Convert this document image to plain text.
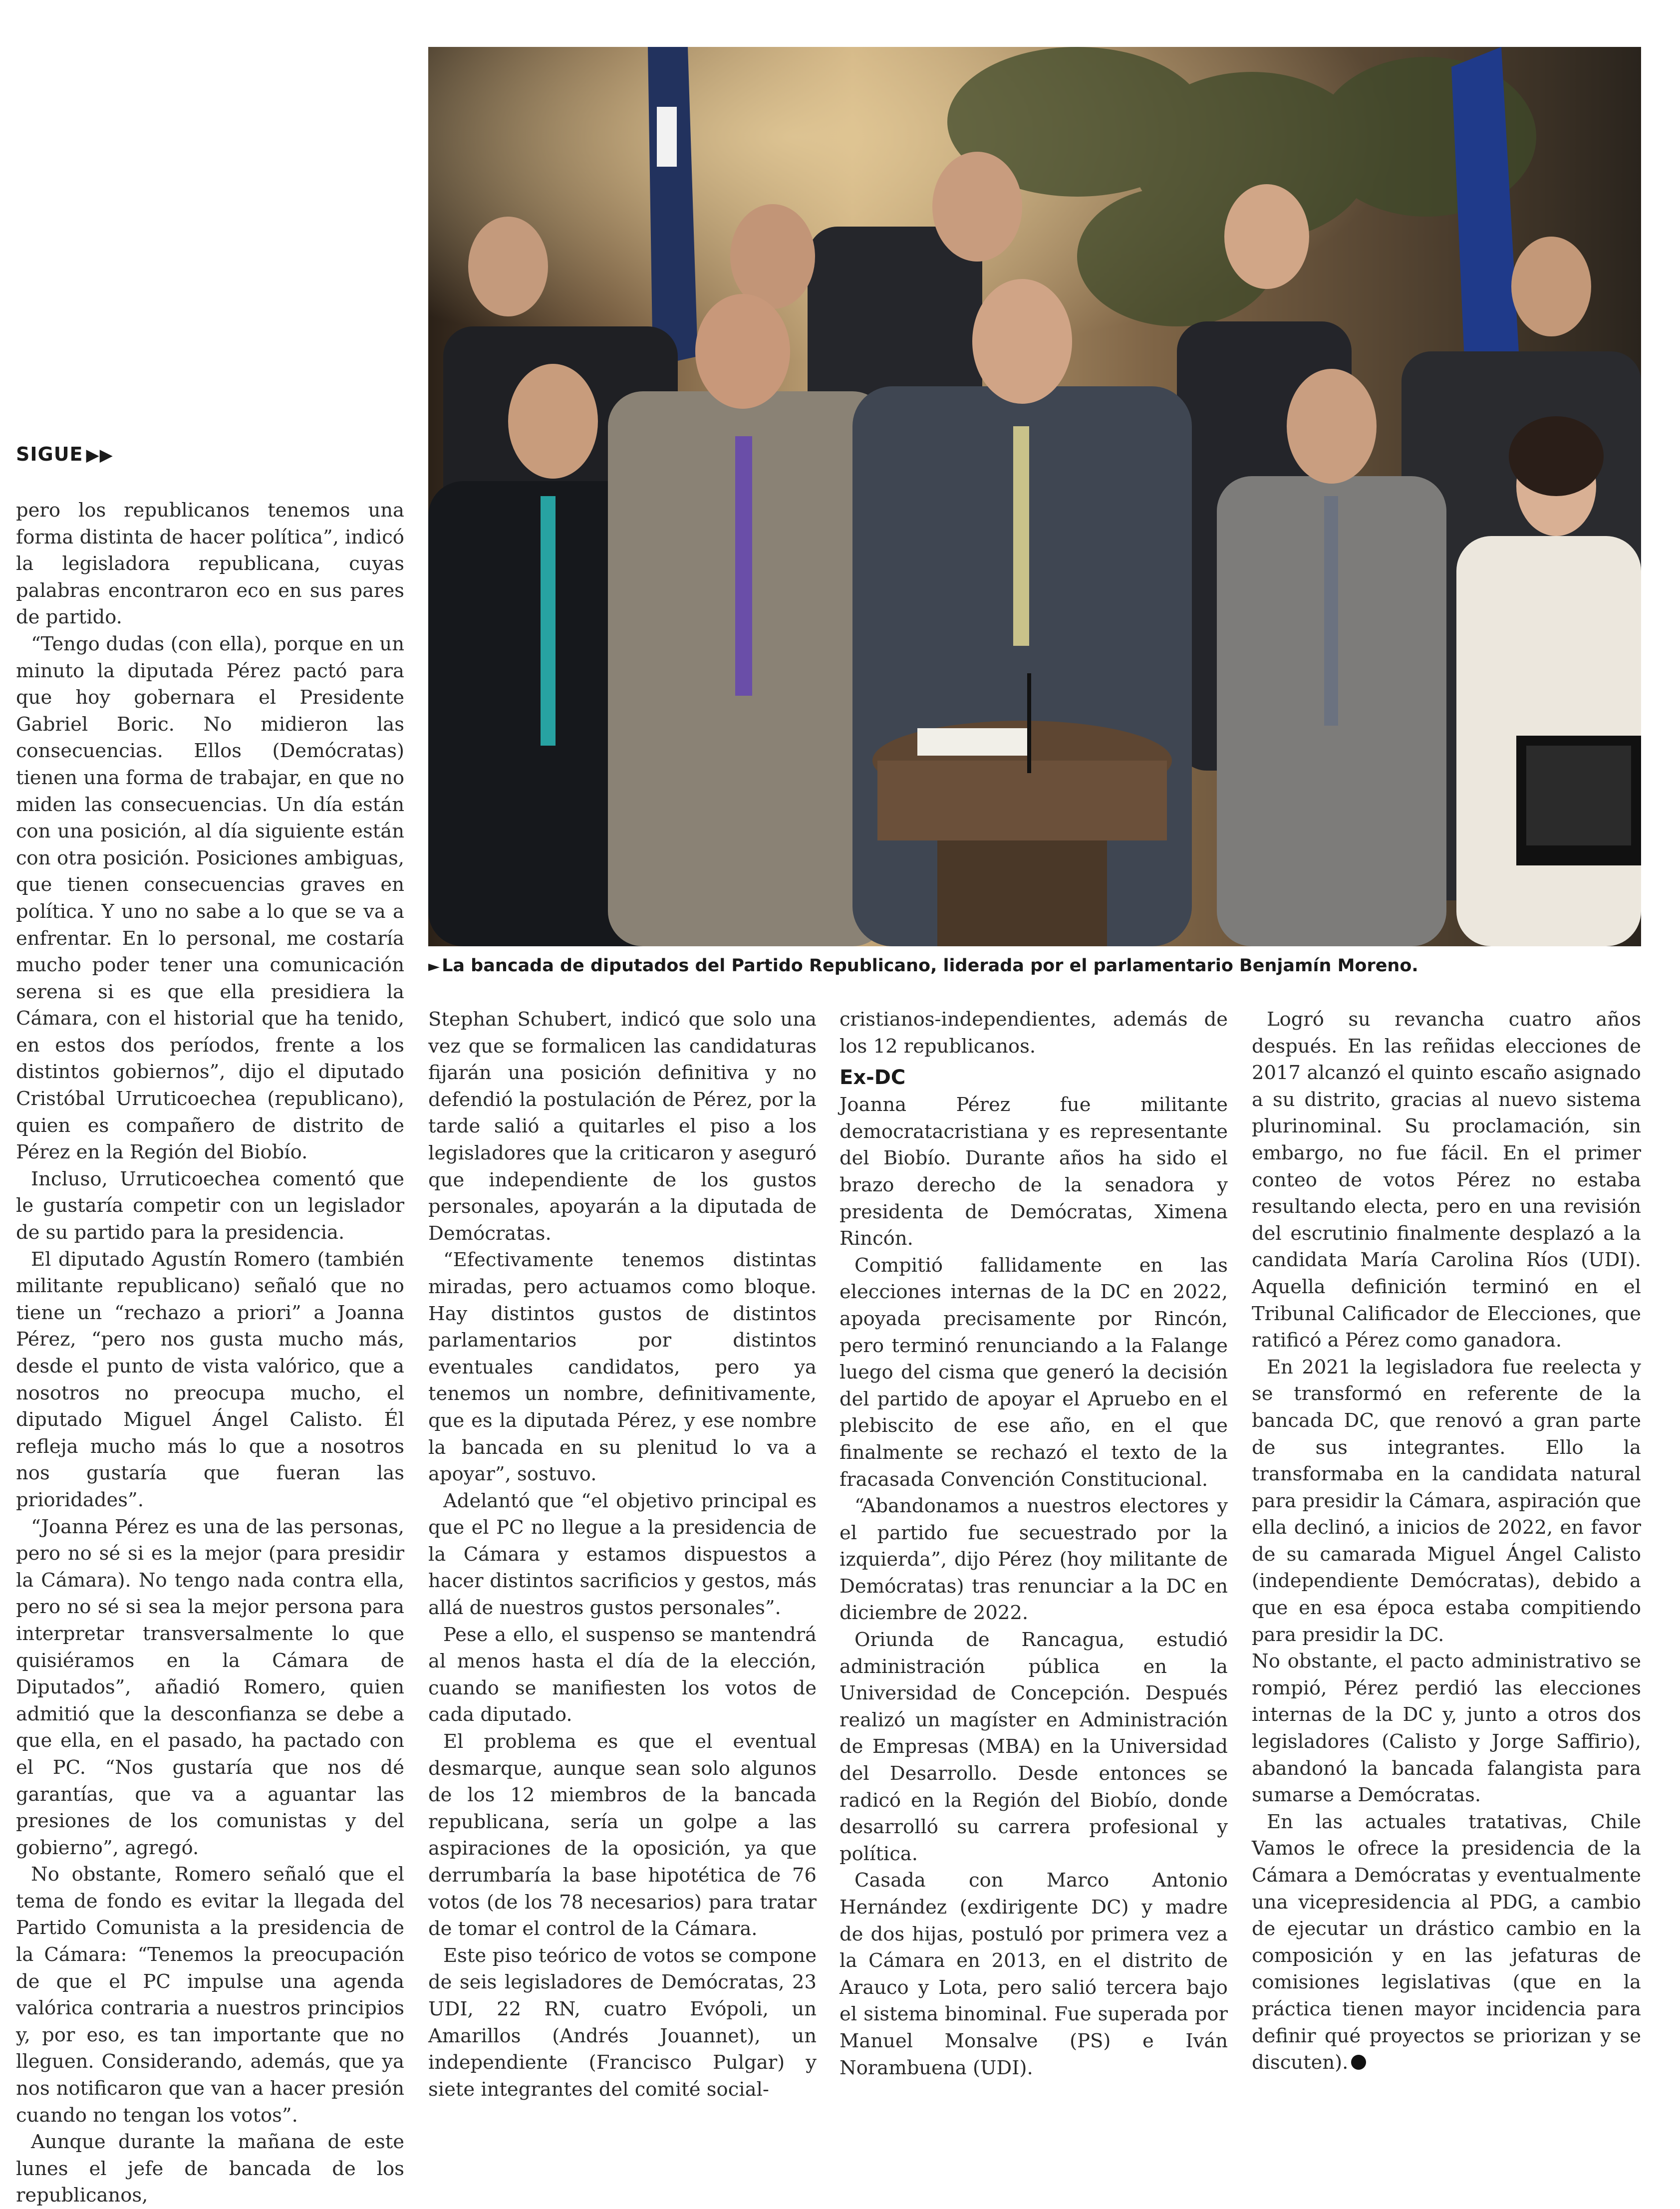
SIGUE ▶▶

pero los republicanos tenemos una forma distinta de hacer política”, indicó la legisladora republicana, cuyas palabras encontraron eco en sus pares de partido.

“Tengo dudas (con ella), porque en un minuto la diputada Pérez pactó para que hoy gobernara el Presidente Gabriel Boric. No midieron las consecuencias. Ellos (Demócratas) tienen una forma de trabajar, en que no miden las consecuencias. Un día están con una posición, al día siguiente están con otra posición. Posiciones ambiguas, que tienen consecuencias graves en política. Y uno no sabe a lo que se va a enfrentar. En lo personal, me costaría mucho poder tener una comunicación serena si es que ella presidiera la Cámara, con el historial que ha tenido, en estos dos períodos, frente a los distintos gobiernos”, dijo el diputado Cristóbal Urruticoechea (republicano), quien es compañero de distrito de Pérez en la Región del Biobío.

Incluso, Urruticoechea comentó que le gustaría competir con un legislador de su partido para la presidencia.

El diputado Agustín Romero (también militante republicano) señaló que no tiene un “rechazo a priori” a Joanna Pérez, “pero nos gusta mucho más, desde el punto de vista valórico, que a nosotros no preocupa mucho, el diputado Miguel Ángel Calisto. Él refleja mucho más lo que a nosotros nos gustaría que fueran las prioridades”.

“Joanna Pérez es una de las personas, pero no sé si es la mejor (para presidir la Cámara). No tengo nada contra ella, pero no sé si sea la mejor persona para interpretar transversalmente lo que quisiéramos en la Cámara de Diputados”, añadió Romero, quien admitió que la desconfianza se debe a que ella, en el pasado, ha pactado con el PC. “Nos gustaría que nos dé garantías, que va a aguantar las presiones de los comunistas y del gobierno”, agregó.

No obstante, Romero señaló que el tema de fondo es evitar la llegada del Partido Comunista a la presidencia de la Cámara: “Tenemos la preocupación de que el PC impulse una agenda valórica contraria a nuestros principios y, por eso, es tan importante que no lleguen. Considerando, además, que ya nos notificaron que van a hacer presión cuando no tengan los votos”.

Aunque durante la mañana de este lunes el jefe de bancada de los republicanos,

► La bancada de diputados del Partido Republicano, liderada por el parlamentario Benjamín Moreno.

Stephan Schubert, indicó que solo una vez que se formalicen las candidaturas fijarán una posición definitiva y no defendió la postulación de Pérez, por la tarde salió a quitarles el piso a los legisladores que la criticaron y aseguró que independiente de los gustos personales, apoyarán a la diputada de Demócratas.

“Efectivamente tenemos distintas miradas, pero actuamos como bloque. Hay distintos gustos de distintos parlamentarios por distintos eventuales candidatos, pero ya tenemos un nombre, definitivamente, que es la diputada Pérez, y ese nombre la bancada en su plenitud lo va a apoyar”, sostuvo.

Adelantó que “el objetivo principal es que el PC no llegue a la presidencia de la Cámara y estamos dispuestos a hacer distintos sacrificios y gestos, más allá de nuestros gustos personales”.

Pese a ello, el suspenso se mantendrá al menos hasta el día de la elección, cuando se manifiesten los votos de cada diputado.

El problema es que el eventual desmarque, aunque sean solo algunos de los 12 miembros de la bancada republicana, sería un golpe a las aspiraciones de la oposición, ya que derrumbaría la base hipotética de 76 votos (de los 78 necesarios) para tratar de tomar el control de la Cámara.

Este piso teórico de votos se compone de seis legisladores de Demócratas, 23 UDI, 22 RN, cuatro Evópoli, un Amarillos (Andrés Jouannet), un independiente (Francisco Pulgar) y siete integrantes del comité social-

cristianos-independientes, además de los 12 republicanos.

Ex-DC

Joanna Pérez fue militante democratacristiana y es representante del Biobío. Durante años ha sido el brazo derecho de la senadora y presidenta de Demócratas, Ximena Rincón.

Compitió fallidamente en las elecciones internas de la DC en 2022, apoyada precisamente por Rincón, pero terminó renunciando a la Falange luego del cisma que generó la decisión del partido de apoyar el Apruebo en el plebiscito de ese año, en el que finalmente se rechazó el texto de la fracasada Convención Constitucional.

“Abandonamos a nuestros electores y el partido fue secuestrado por la izquierda”, dijo Pérez (hoy militante de Demócratas) tras renunciar a la DC en diciembre de 2022.

Oriunda de Rancagua, estudió administración pública en la Universidad de Concepción. Después realizó un magíster en Administración de Empresas (MBA) en la Universidad del Desarrollo. Desde entonces se radicó en la Región del Biobío, donde desarrolló su carrera profesional y política.

Casada con Marco Antonio Hernández (exdirigente DC) y madre de dos hijas, postuló por primera vez a la Cámara en 2013, en el distrito de Arauco y Lota, pero salió tercera bajo el sistema binominal. Fue superada por Manuel Monsalve (PS) e Iván Norambuena (UDI).

Logró su revancha cuatro años después. En las reñidas elecciones de 2017 alcanzó el quinto escaño asignado a su distrito, gracias al nuevo sistema plurinominal. Su proclamación, sin embargo, no fue fácil. En el primer conteo de votos Pérez no estaba resultando electa, pero en una revisión del escrutinio finalmente desplazó a la candidata María Carolina Ríos (UDI). Aquella definición terminó en el Tribunal Calificador de Elecciones, que ratificó a Pérez como ganadora.

En 2021 la legisladora fue reelecta y se transformó en referente de la bancada DC, que renovó a gran parte de sus integrantes. Ello la transformaba en la candidata natural para presidir la Cámara, aspiración que ella declinó, a inicios de 2022, en favor de su camarada Miguel Ángel Calisto (independiente Demócratas), debido a que en esa época estaba compitiendo para presidir la DC.

No obstante, el pacto administrativo se rompió, Pérez perdió las elecciones internas de la DC y, junto a otros dos legisladores (Calisto y Jorge Saffirio), abandonó la bancada falangista para sumarse a Demócratas.

En las actuales tratativas, Chile Vamos le ofrece la presidencia de la Cámara a Demócratas y eventualmente una vicepresidencia al PDG, a cambio de ejecutar un drástico cambio en la composición y en las jefaturas de comisiones legislativas (que en la práctica tienen mayor incidencia para definir qué proyectos se priorizan y se discuten).
